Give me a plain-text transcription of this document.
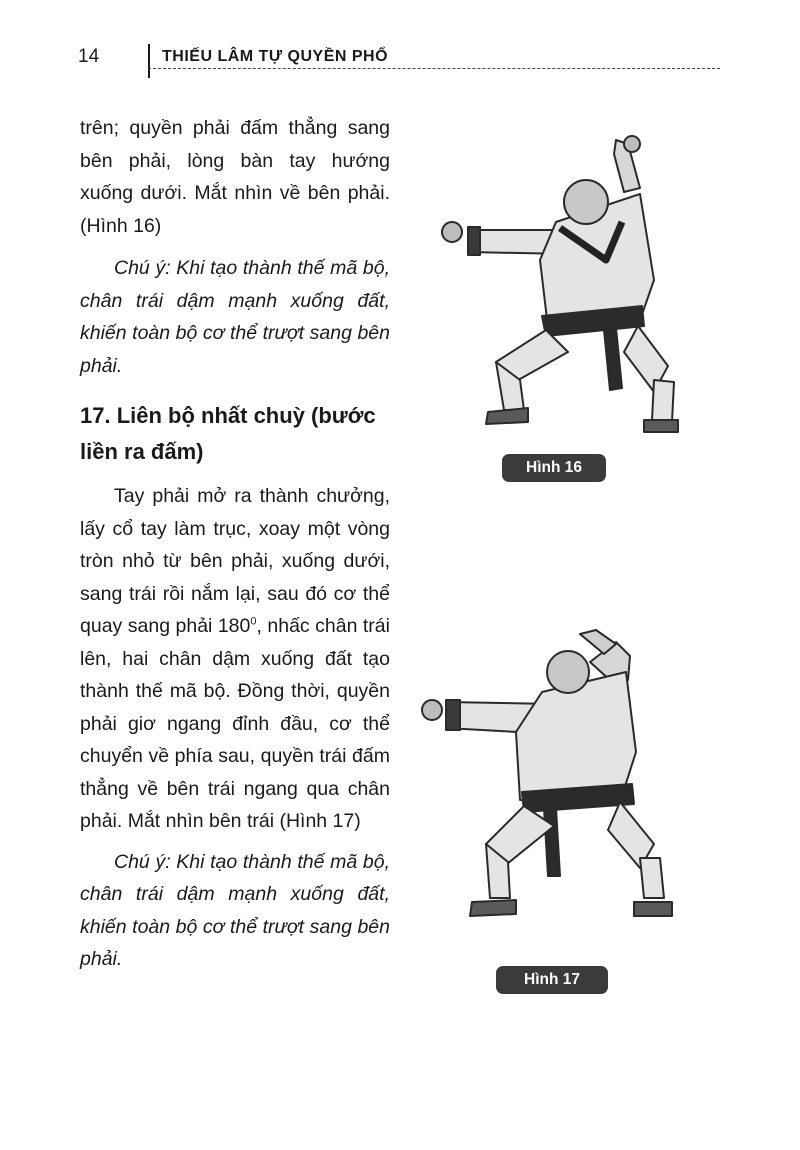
14	THIẾU LÂM TỰ QUYỀN PHỔ

trên; quyền phải đấm thẳng sang bên phải, lòng bàn tay hướng xuống dưới. Mắt nhìn về bên phải. (Hình 16)

Chú ý: Khi tạo thành thế mã bộ, chân trái dậm mạnh xuống đất, khiến toàn bộ cơ thể trượt sang bên phải.

17. Liên bộ nhất chuỳ (bước liền ra đấm)

Tay phải mở ra thành chưởng, lấy cổ tay làm trục, xoay một vòng tròn nhỏ từ bên phải, xuống dưới, sang trái rồi nắm lại, sau đó cơ thể quay sang phải $180^0$, nhấc chân trái lên, hai chân dậm xuống đất tạo thành thế mã bộ. Đồng thời, quyền phải giơ ngang đỉnh đầu, cơ thể chuyển về phía sau, quyền trái đấm thẳng về bên trái ngang qua chân phải. Mắt nhìn bên trái (Hình 17)

Chú ý: Khi tạo thành thế mã bộ, chân trái dậm mạnh xuống đất, khiến toàn bộ cơ thể trượt sang bên phải.

Hình 16
Hình 17
